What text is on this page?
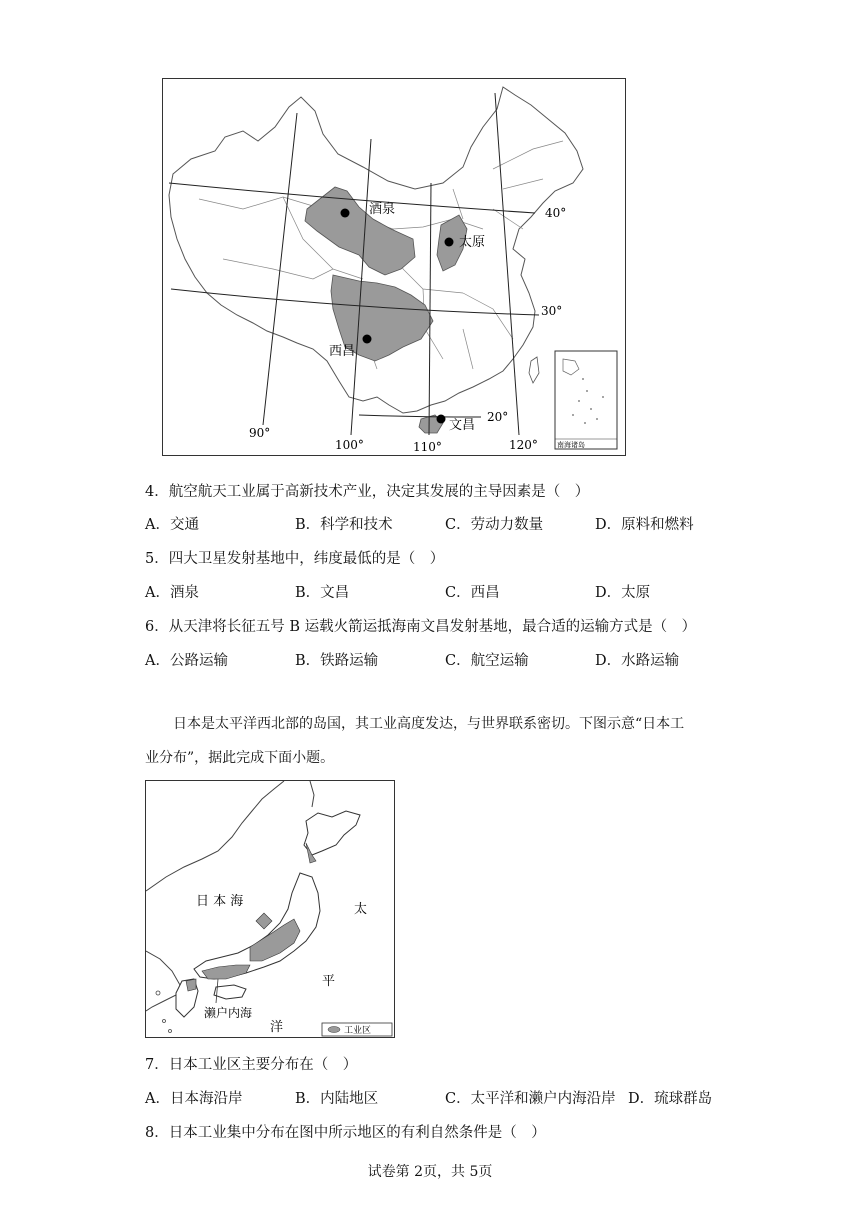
酒泉
太原
西昌
文昌
40°
30°
20°
90°
100°	110°	120°	南海诸岛
4．航空航天工业属于高新技术产业，决定其发展的主导因素是（　）
A．交通	B．科学和技术	C．劳动力数量	D．原料和燃料
5．四大卫星发射基地中，纬度最低的是（　）
A．酒泉	B．文昌	C．西昌	D．太原
6．从天津将长征五号 B 运载火箭运抵海南文昌发射基地，最合适的运输方式是（　）
A．公路运输	B．铁路运输	C．航空运输	D．水路运输
日本是太平洋西北部的岛国，其工业高度发达，与世界联系密切。下图示意“日本工
业分布”，据此完成下面小题。
日 本 海
太
平
洋
濑户内海
工业区
7．日本工业区主要分布在（　）
A．日本海沿岸	B．内陆地区	C．太平洋和濑户内海沿岸 D．琉球群岛
8．日本工业集中分布在图中所示地区的有利自然条件是（　）
试卷第 2页，共 5页
